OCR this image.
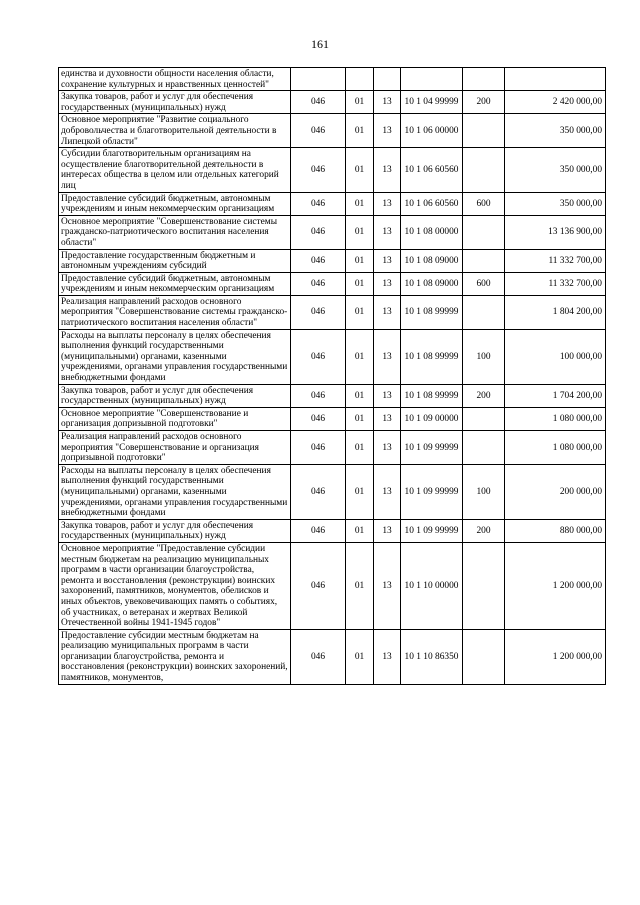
161
единства и духовности общности населения области, сохранение культурных и нравственных ценностей"						
Закупка товаров, работ и услуг для обеспечения государственных (муниципальных) нужд	046	01	13	10 1 04 99999	200	2 420 000,00
Основное мероприятие "Развитие социального добровольчества и благотворительной деятельности в Липецкой области"	046	01	13	10 1 06 00000		350 000,00
Субсидии благотворительным организациям на осуществление благотворительной деятельности в интересах общества в целом или отдельных категорий лиц	046	01	13	10 1 06 60560		350 000,00
Предоставление субсидий бюджетным, автономным учреждениям и иным некоммерческим организациям	046	01	13	10 1 06 60560	600	350 000,00
Основное мероприятие "Совершенствование системы гражданско-патриотического воспитания населения области"	046	01	13	10 1 08 00000		13 136 900,00
Предоставление государственным бюджетным и автономным учреждениям субсидий	046	01	13	10 1 08 09000		11 332 700,00
Предоставление субсидий бюджетным, автономным учреждениям и иным некоммерческим организациям	046	01	13	10 1 08 09000	600	11 332 700,00
Реализация направлений расходов основного мероприятия "Совершенствование системы гражданско-патриотического воспитания населения области"	046	01	13	10 1 08 99999		1 804 200,00
Расходы на выплаты персоналу в целях обеспечения выполнения функций государственными (муниципальными) органами, казенными учреждениями, органами управления государственными внебюджетными фондами	046	01	13	10 1 08 99999	100	100 000,00
Закупка товаров, работ и услуг для обеспечения государственных (муниципальных) нужд	046	01	13	10 1 08 99999	200	1 704 200,00
Основное мероприятие "Совершенствование и организация допризывной подготовки"	046	01	13	10 1 09 00000		1 080 000,00
Реализация направлений расходов основного мероприятия "Совершенствование и организация допризывной подготовки"	046	01	13	10 1 09 99999		1 080 000,00
Расходы на выплаты персоналу в целях обеспечения выполнения функций государственными (муниципальными) органами, казенными учреждениями, органами управления государственными внебюджетными фондами	046	01	13	10 1 09 99999	100	200 000,00
Закупка товаров, работ и услуг для обеспечения государственных (муниципальных) нужд	046	01	13	10 1 09 99999	200	880 000,00
Основное мероприятие "Предоставление субсидии местным бюджетам на реализацию муниципальных программ в части организации благоустройства, ремонта и восстановления (реконструкции) воинских захоронений, памятников, монументов, обелисков и иных объектов, увековечивающих память о событиях, об участниках, о ветеранах и жертвах Великой Отечественной войны 1941-1945 годов"	046	01	13	10 1 10 00000		1 200 000,00
Предоставление субсидии местным бюджетам на реализацию муниципальных программ в части организации благоустройства, ремонта и восстановления (реконструкции) воинских захоронений, памятников, монументов,	046	01	13	10 1 10 86350		1 200 000,00
